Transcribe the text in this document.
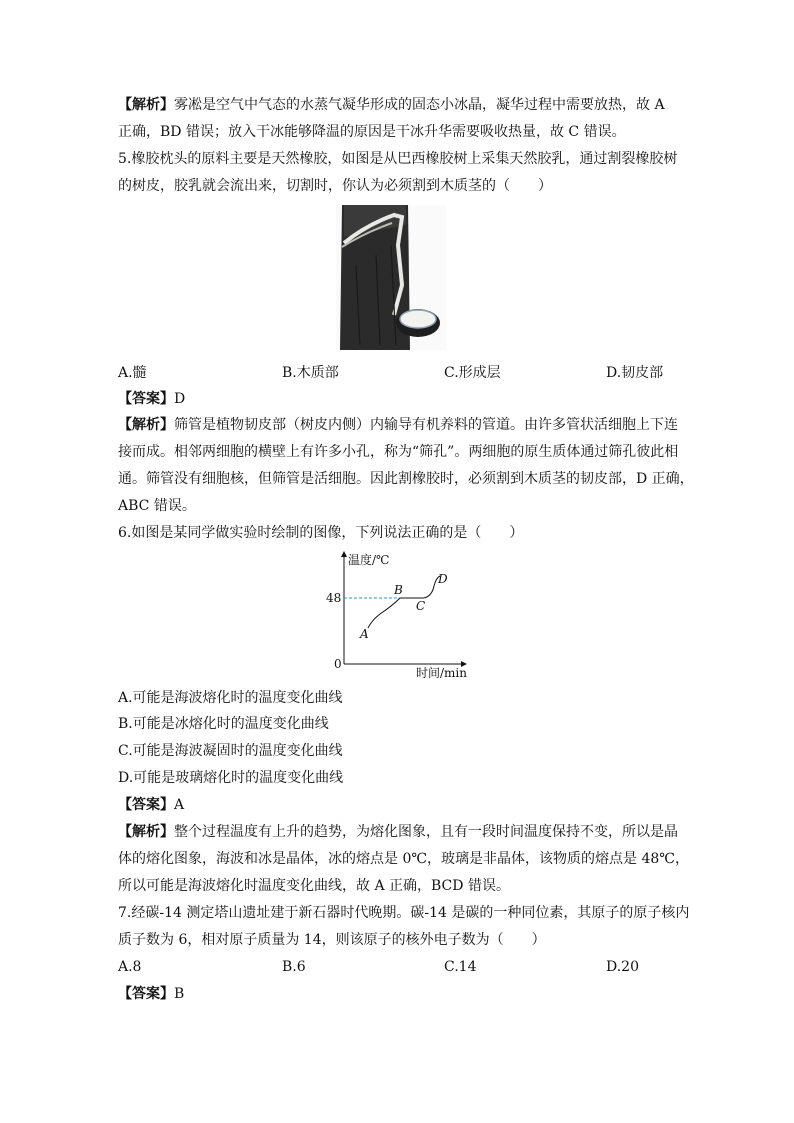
【解析】雾凇是空气中气态的水蒸气凝华形成的固态小冰晶，凝华过程中需要放热，故 A
正确，BD 错误；放入干冰能够降温的原因是干冰升华需要吸收热量，故 C 错误。
5.橡胶枕头的原料主要是天然橡胶，如图是从巴西橡胶树上采集天然胶乳，通过割裂橡胶树
的树皮，胶乳就会流出来，切割时，你认为必须割到木质茎的（　　）
A.髓	B.木质部	C.形成层	D.韧皮部
【答案】D
【解析】筛管是植物韧皮部（树皮内侧）内输导有机养料的管道。由许多管状活细胞上下连
接而成。相邻两细胞的横壁上有许多小孔，称为“筛孔”。两细胞的原生质体通过筛孔彼此相
通。筛管没有细胞核，但筛管是活细胞。因此割橡胶时，必须割到木质茎的韧皮部，D 正确，
ABC 错误。
6.如图是某同学做实验时绘制的图像，下列说法正确的是（　　）
温度/℃
时间/min
0
48
A
B
C
D
A.可能是海波熔化时的温度变化曲线
B.可能是冰熔化时的温度变化曲线
C.可能是海波凝固时的温度变化曲线
D.可能是玻璃熔化时的温度变化曲线
【答案】A
【解析】整个过程温度有上升的趋势，为熔化图象，且有一段时间温度保持不变，所以是晶
体的熔化图象，海波和冰是晶体，冰的熔点是 0℃，玻璃是非晶体，该物质的熔点是 48℃，
所以可能是海波熔化时温度变化曲线，故 A 正确，BCD 错误。
7.经碳-14 测定塔山遗址建于新石器时代晚期。碳-14 是碳的一种同位素，其原子的原子核内
质子数为 6，相对原子质量为 14，则该原子的核外电子数为（　　）
A.8	B.6	C.14	D.20
【答案】B
